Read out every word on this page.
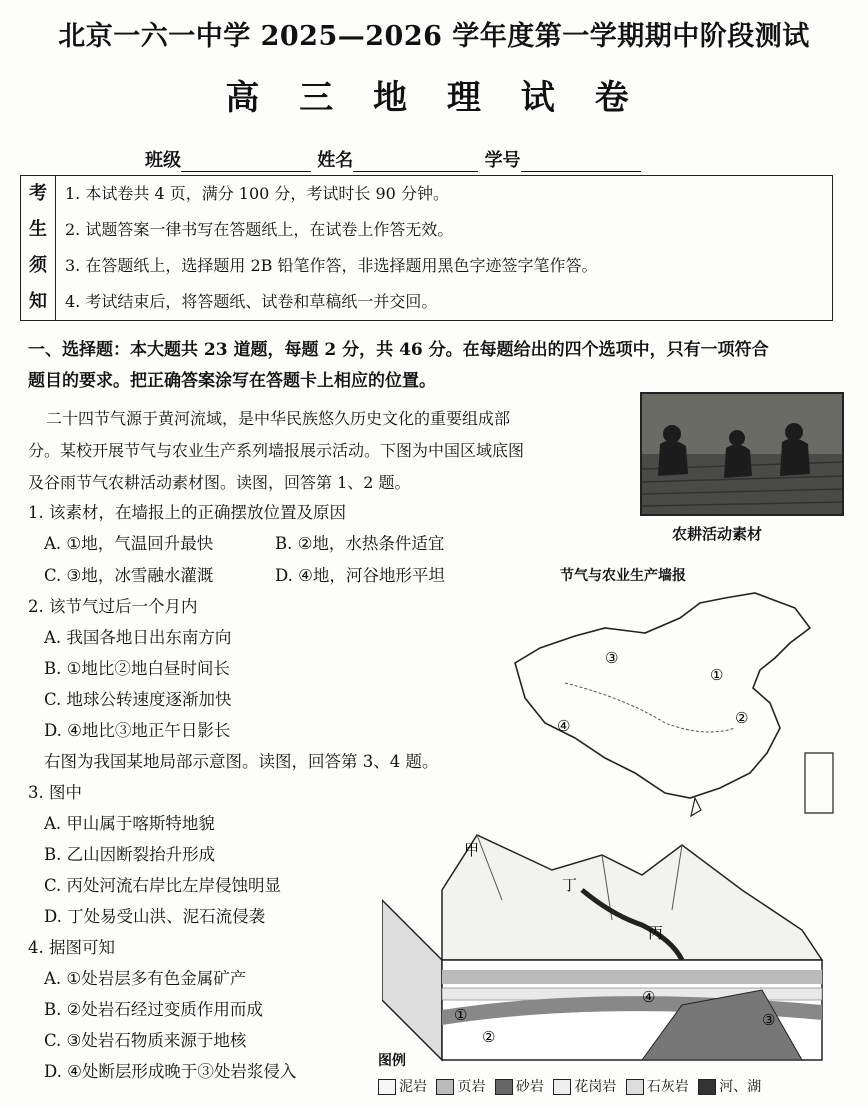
北京一六一中学 2025—2026 学年度第一学期期中阶段测试
高 三 地 理 试 卷
班级	姓名	学号
考
生
须
知
1. 本试卷共 4 页，满分 100 分，考试时长 90 分钟。
2. 试题答案一律书写在答题纸上，在试卷上作答无效。
3. 在答题纸上，选择题用 2B 铅笔作答，非选择题用黑色字迹签字笔作答。
4. 考试结束后，将答题纸、试卷和草稿纸一并交回。
一、选择题：本大题共 23 道题，每题 2 分，共 46 分。在每题给出的四个选项中，只有一项符合
题目的要求。把正确答案涂写在答题卡上相应的位置。
二十四节气源于黄河流域，是中华民族悠久历史文化的重要组成部
分。某校开展节气与农业生产系列墙报展示活动。下图为中国区域底图
及谷雨节气农耕活动素材图。读图，回答第 1、2 题。
1. 该素材，在墙报上的正确摆放位置及原因
A. ①地，气温回升最快	B. ②地，水热条件适宜
C. ③地，冰雪融水灌溉	D. ④地，河谷地形平坦
2. 该节气过后一个月内
A. 我国各地日出东南方向
B. ①地比②地白昼时间长
C. 地球公转速度逐渐加快
D. ④地比③地正午日影长
右图为我国某地局部示意图。读图，回答第 3、4 题。
3. 图中
A. 甲山属于喀斯特地貌
B. 乙山因断裂抬升形成
C. 丙处河流右岸比左岸侵蚀明显
D. 丁处易受山洪、泥石流侵袭
4. 据图可知
A. ①处岩层多有色金属矿产
B. ②处岩石经过变质作用而成
C. ③处岩石物质来源于地核
D. ④处断层形成晚于③处岩浆侵入
农耕活动素材
节气与农业生产墙报
③
①
②
④
甲
丁
丙
①
②
③
④
图例
泥岩 页岩 砂岩 花岗岩 石灰岩 河、湖
